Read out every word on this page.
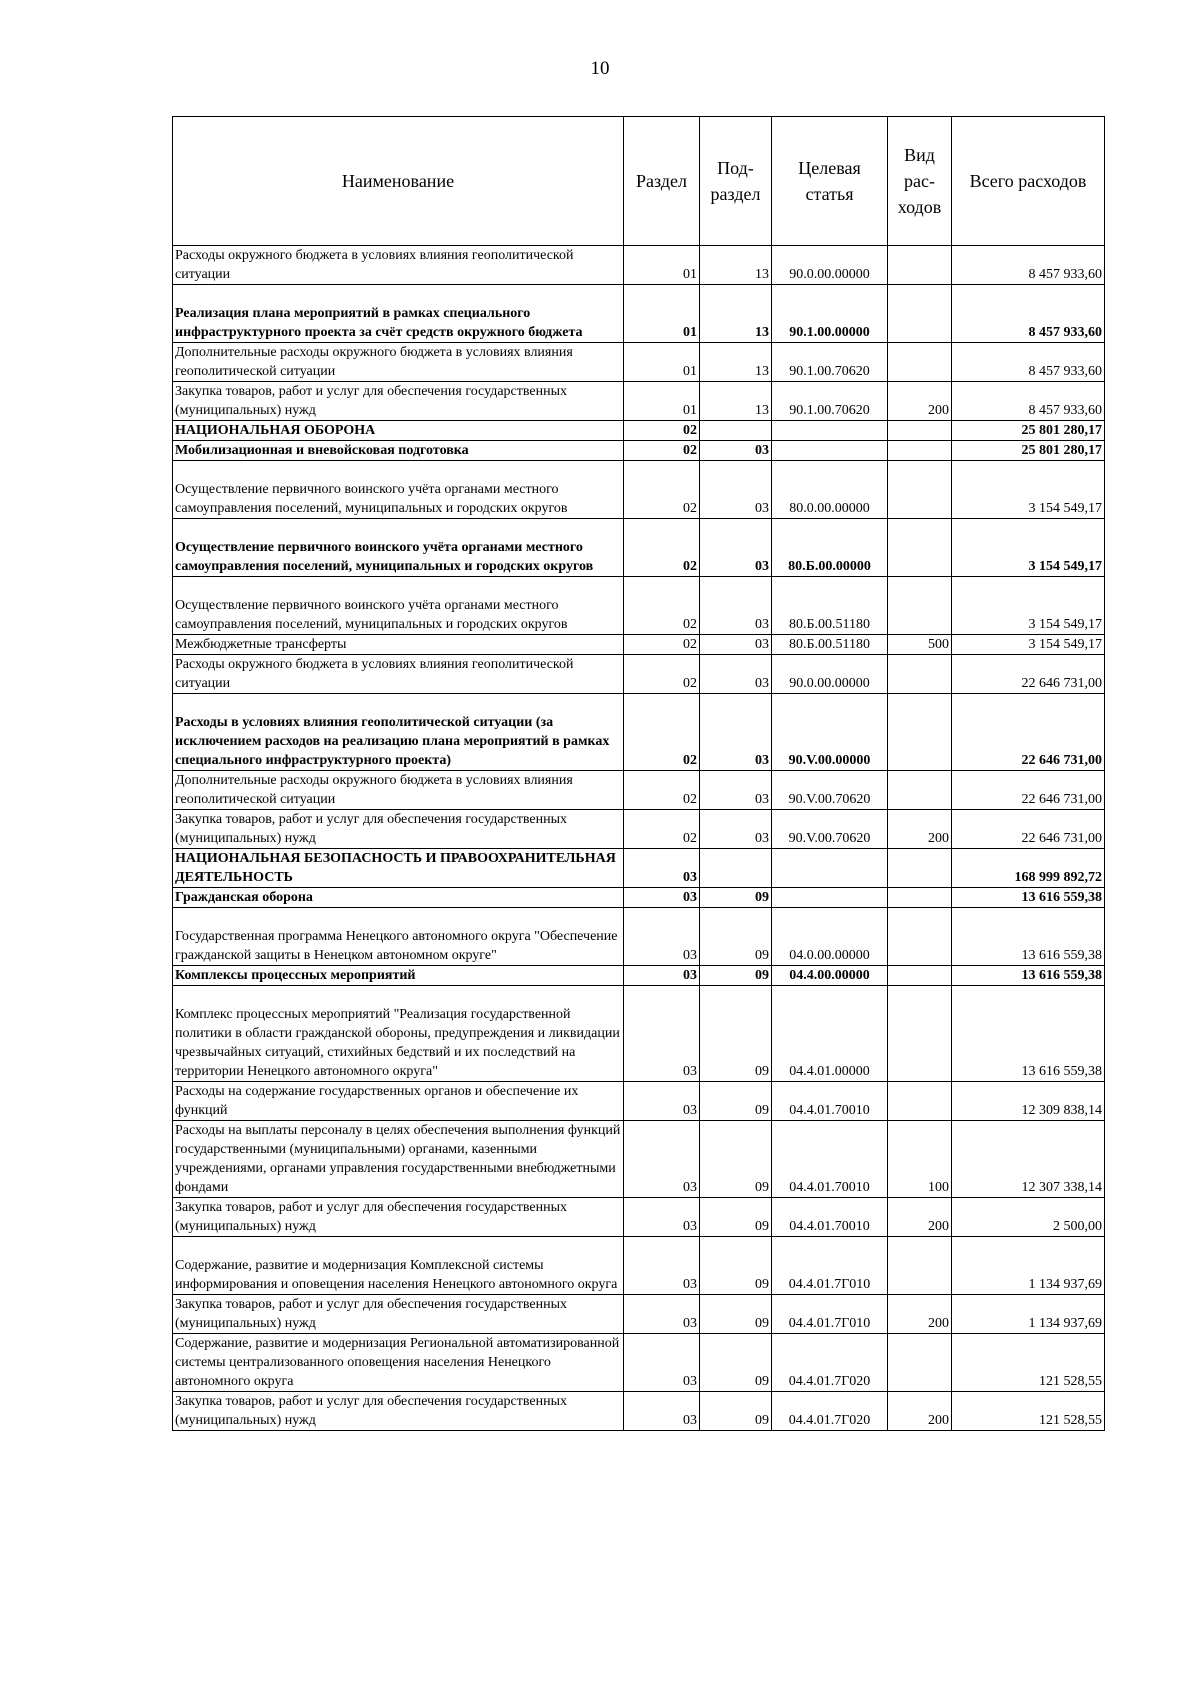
10
Наименование	Раздел	Под-раздел	Целевая статья	Вид рас-ходов	Всего расходов
Расходы окружного бюджета в условиях влияния геополитической ситуации	01	13	90.0.00.00000		8 457 933,60
Реализация плана мероприятий в рамках специального инфраструктурного проекта за счёт средств окружного бюджета	01	13	90.1.00.00000		8 457 933,60
Дополнительные расходы окружного бюджета в условиях влияния геополитической ситуации	01	13	90.1.00.70620		8 457 933,60
Закупка товаров, работ и услуг для обеспечения государственных (муниципальных) нужд	01	13	90.1.00.70620	200	8 457 933,60
НАЦИОНАЛЬНАЯ ОБОРОНА	02				25 801 280,17
Мобилизационная и вневойсковая подготовка	02	03			25 801 280,17
Осуществление первичного воинского учёта органами местного самоуправления поселений, муниципальных и городских округов	02	03	80.0.00.00000		3 154 549,17
Осуществление первичного воинского учёта органами местного самоуправления поселений, муниципальных и городских округов	02	03	80.Б.00.00000		3 154 549,17
Осуществление первичного воинского учёта органами местного самоуправления поселений, муниципальных и городских округов	02	03	80.Б.00.51180		3 154 549,17
Межбюджетные трансферты	02	03	80.Б.00.51180	500	3 154 549,17
Расходы окружного бюджета в условиях влияния геополитической ситуации	02	03	90.0.00.00000		22 646 731,00
Расходы в условиях влияния геополитической ситуации (за исключением расходов на реализацию плана мероприятий в рамках специального инфраструктурного проекта)	02	03	90.V.00.00000		22 646 731,00
Дополнительные расходы окружного бюджета в условиях влияния геополитической ситуации	02	03	90.V.00.70620		22 646 731,00
Закупка товаров, работ и услуг для обеспечения государственных (муниципальных) нужд	02	03	90.V.00.70620	200	22 646 731,00
НАЦИОНАЛЬНАЯ БЕЗОПАСНОСТЬ И ПРАВООХРАНИТЕЛЬНАЯ ДЕЯТЕЛЬНОСТЬ	03				168 999 892,72
Гражданская оборона	03	09			13 616 559,38
Государственная программа Ненецкого автономного округа "Обеспечение гражданской защиты в Ненецком автономном округе"	03	09	04.0.00.00000		13 616 559,38
Комплексы процессных мероприятий	03	09	04.4.00.00000		13 616 559,38
Комплекс процессных мероприятий "Реализация государственной политики в области гражданской обороны, предупреждения и ликвидации чрезвычайных ситуаций, стихийных бедствий и их последствий на территории Ненецкого автономного округа"	03	09	04.4.01.00000		13 616 559,38
Расходы на содержание государственных органов и обеспечение их функций	03	09	04.4.01.70010		12 309 838,14
Расходы на выплаты персоналу в целях обеспечения выполнения функций государственными (муниципальными) органами, казенными учреждениями, органами управления государственными внебюджетными фондами	03	09	04.4.01.70010	100	12 307 338,14
Закупка товаров, работ и услуг для обеспечения государственных (муниципальных) нужд	03	09	04.4.01.70010	200	2 500,00
Содержание, развитие и модернизация Комплексной системы информирования и оповещения населения Ненецкого автономного округа	03	09	04.4.01.7Г010		1 134 937,69
Закупка товаров, работ и услуг для обеспечения государственных (муниципальных) нужд	03	09	04.4.01.7Г010	200	1 134 937,69
Содержание, развитие и модернизация Региональной автоматизированной системы централизованного оповещения населения Ненецкого автономного округа	03	09	04.4.01.7Г020		121 528,55
Закупка товаров, работ и услуг для обеспечения государственных (муниципальных) нужд	03	09	04.4.01.7Г020	200	121 528,55
